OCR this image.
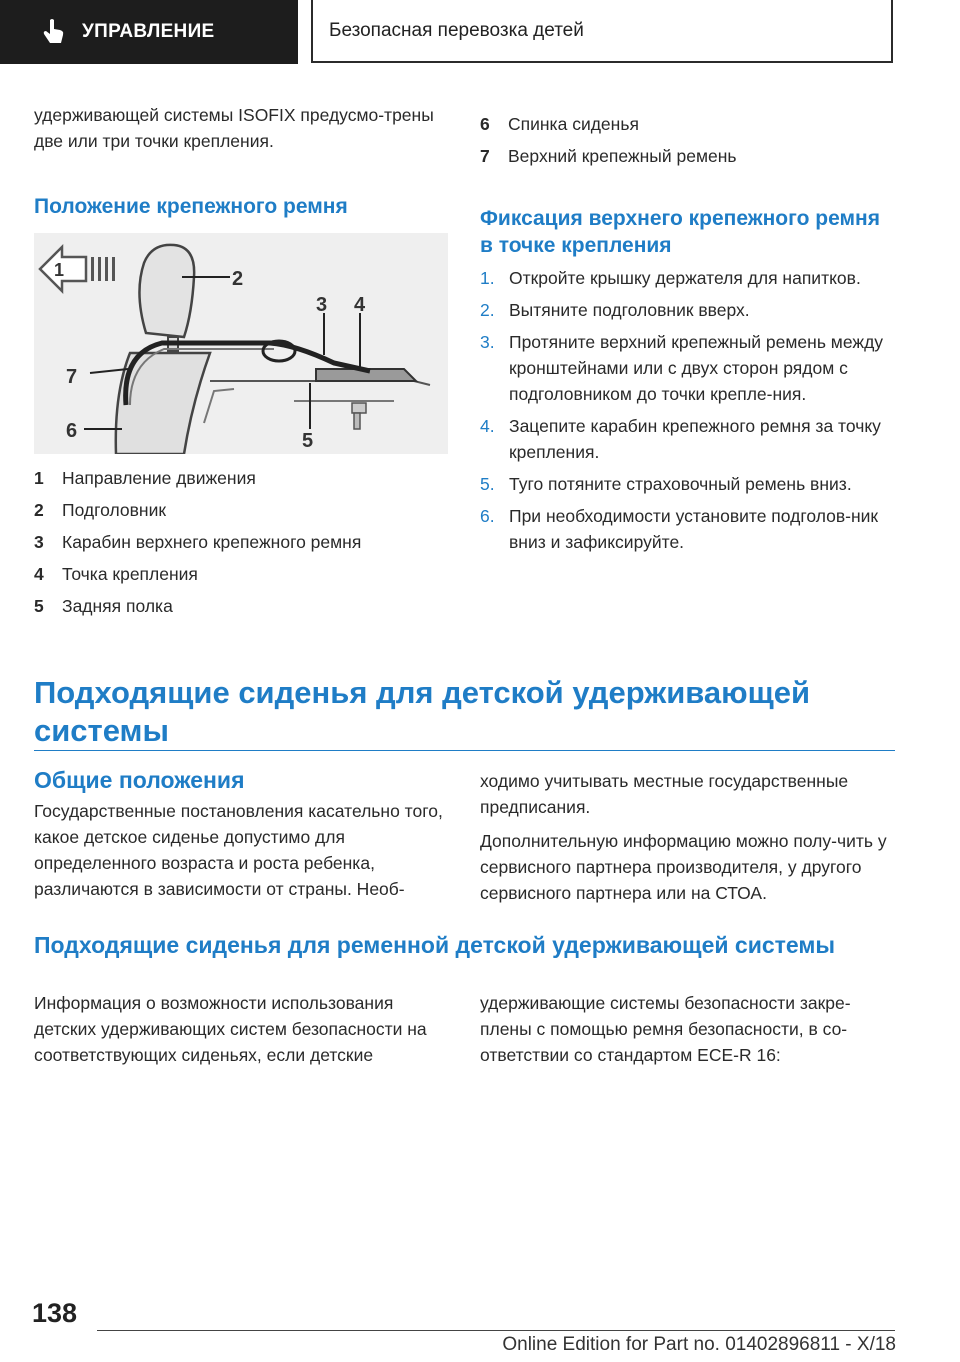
УПРАВЛЕНИЕ	Безопасная перевозка детей

удерживающей системы ISOFIX предусмо-трены две или три точки крепления.

Положение крепежного ремня

2
3 4
5
7
6
1
1	Направление движения
2	Подголовник
3	Карабин верхнего крепежного ремня
4	Точка крепления
5	Задняя полка
6	Спинка сиденья
7	Верхний крепежный ремень

Фиксация верхнего крепежного ремня в точке крепления

1. Откройте крышку держателя для напитков.
2. Вытяните подголовник вверх.
3. Протяните верхний крепежный ремень между кронштейнами или с двух сторон рядом с подголовником до точки крепле-ния.
4. Зацепите карабин крепежного ремня за точку крепления.
5. Туго потяните страховочный ремень вниз.
6. При необходимости установите подголов-ник вниз и зафиксируйте.
Подходящие сиденья для детской удерживающей системы

Общие положения

Государственные постановления касательно того, какое детское сиденье допустимо для определенного возраста и роста ребенка, различаются в зависимости от страны. Необ-

ходимо учитывать местные государственные предписания.

Дополнительную информацию можно полу-чить у сервисного партнера производителя, у другого сервисного партнера или на СТОА.

Подходящие сиденья для ременной детской удерживающей системы

Информация о возможности использования детских удерживающих систем безопасности на соответствующих сиденьях, если детские

удерживающие системы безопасности закре-плены с помощью ремня безопасности, в со-ответствии со стандартом ECE-R 16:

138
Online Edition for Part no. 01402896811 - X/18
